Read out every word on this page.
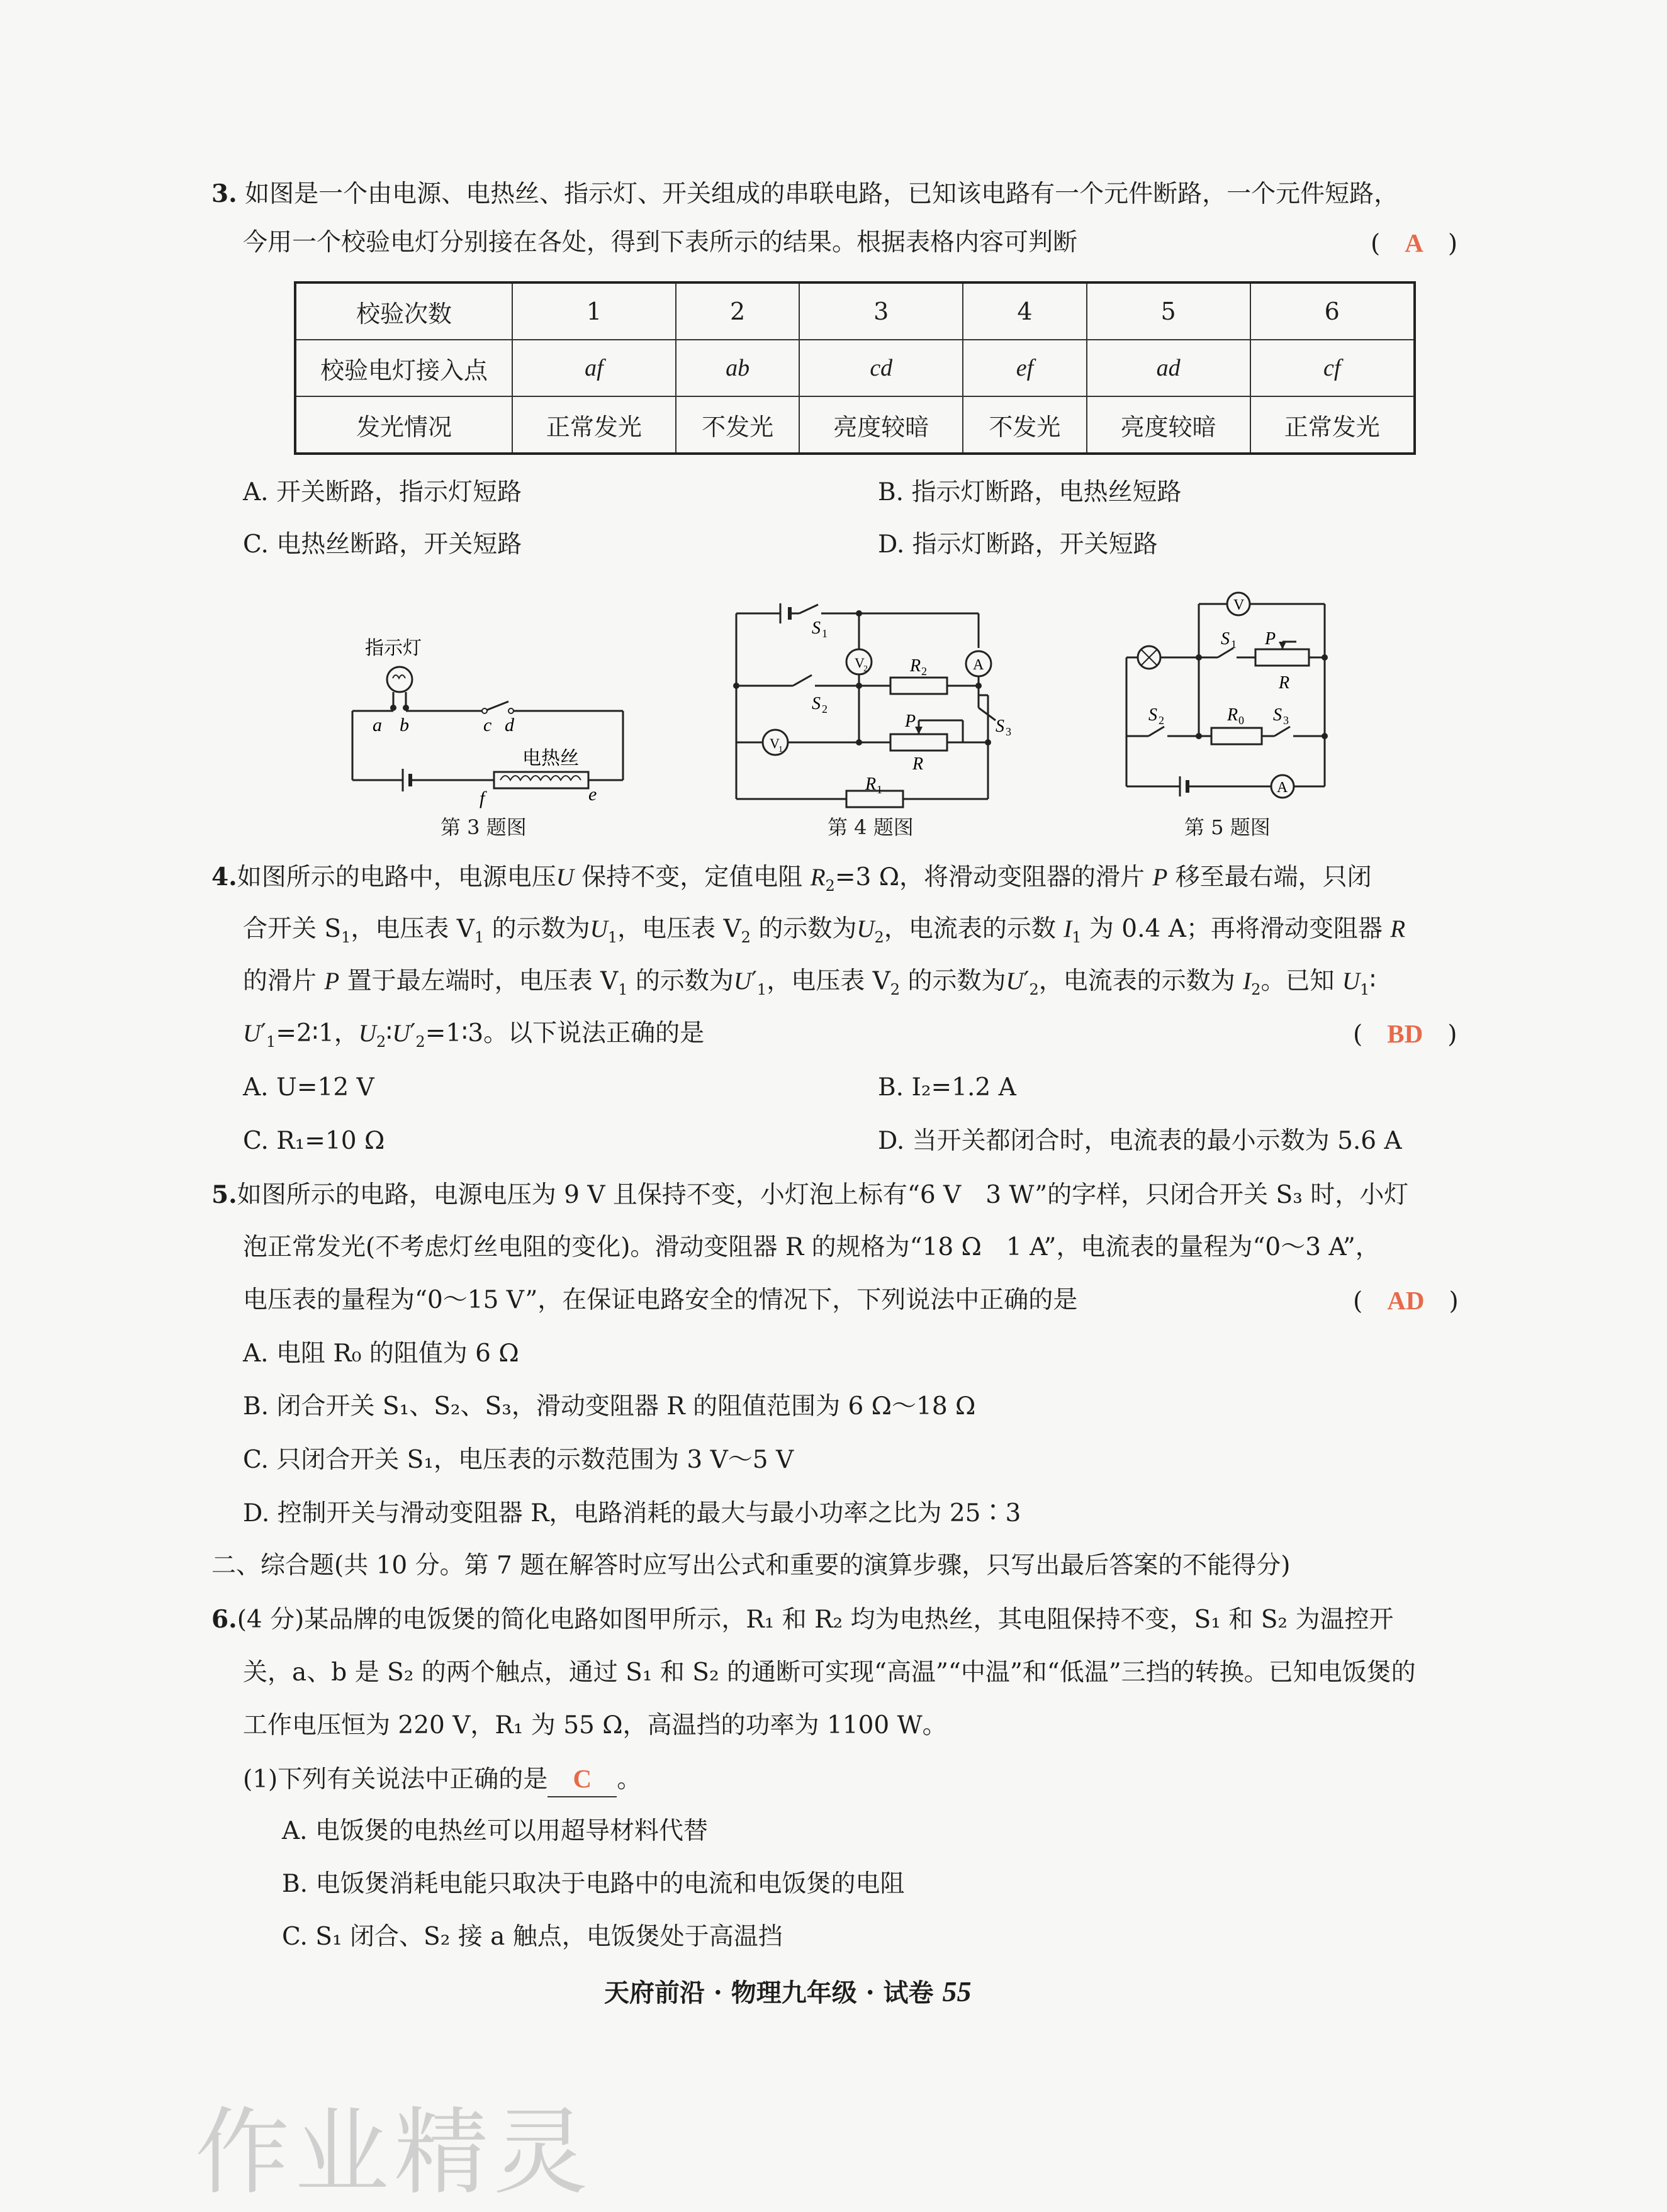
3. 如图是一个由电源、电热丝、指示灯、开关组成的串联电路，已知该电路有一个元件断路，一个元件短路，
今用一个校验电灯分别接在各处，得到下表所示的结果。根据表格内容可判断	(　A　)
校验次数	1	2	3	4	5	6
校验电灯接入点	af	ab	cd	ef	ad	cf
发光情况	正常发光	不发光	亮度较暗	不发光	亮度较暗	正常发光
A. 开关断路，指示灯短路	B. 指示灯断路，电热丝短路
C. 电热丝断路，开关短路	D. 指示灯断路，开关短路
指示灯
电热丝
a b	c d
f	e
第 3 题图
S 1
S 2
S 3
V
2
V
1
A
R 2
P
R
R 1
第 4 题图
V
A
S 1 P
R
S 2	R 0 S 3
第 5 题图
4.如图所示的电路中，电源电压U 保持不变，定值电阻 $R_2=3$ Ω，将滑动变阻器的滑片 P 移至最右端，只闭
合开关 $S_1$，电压表 $V_1$ 的示数为$U_1$，电压表 $V_2$ 的示数为$U_2$，电流表的示数 $I_1$ 为 0.4 A；再将滑动变阻器 R
的滑片 P 置于最左端时，电压表 $V_1$ 的示数为$U'_1$，电压表 $V_2$ 的示数为$U'_2$，电流表的示数为 $I_2$。已知 $U_1∶$
$U'_1=2∶1$，$U_2∶U'_2=1∶3$。以下说法正确的是	(　BD　)
A. U=12 V	B. I₂=1.2 A
C. R₁=10 Ω	D. 当开关都闭合时，电流表的最小示数为 5.6 A
5.如图所示的电路，电源电压为 9 V 且保持不变，小灯泡上标有“6 V　3 W”的字样，只闭合开关 S₃ 时，小灯
泡正常发光(不考虑灯丝电阻的变化)。滑动变阻器 R 的规格为“18 Ω　1 A”，电流表的量程为“0～3 A”，
电压表的量程为“0～15 V”，在保证电路安全的情况下，下列说法中正确的是	(　AD　)
A. 电阻 R₀ 的阻值为 6 Ω
B. 闭合开关 S₁、S₂、S₃，滑动变阻器 R 的阻值范围为 6 Ω～18 Ω
C. 只闭合开关 S₁，电压表的示数范围为 3 V～5 V
D. 控制开关与滑动变阻器 R，电路消耗的最大与最小功率之比为 25∶3
二、综合题(共 10 分。第 7 题在解答时应写出公式和重要的演算步骤，只写出最后答案的不能得分)
6.(4 分)某品牌的电饭煲的简化电路如图甲所示，R₁ 和 R₂ 均为电热丝，其电阻保持不变，S₁ 和 S₂ 为温控开
关，a、b 是 S₂ 的两个触点，通过 S₁ 和 S₂ 的通断可实现“高温”“中温”和“低温”三挡的转换。已知电饭煲的
工作电压恒为 220 V，R₁ 为 55 Ω，高温挡的功率为 1100 W。
(1)下列有关说法中正确的是 C 。
A. 电饭煲的电热丝可以用超导材料代替
B. 电饭煲消耗电能只取决于电路中的电流和电饭煲的电阻
C. S₁ 闭合、S₂ 接 a 触点，电饭煲处于高温挡
天府前沿 · 物理九年级 · 试卷 55
作业精灵
